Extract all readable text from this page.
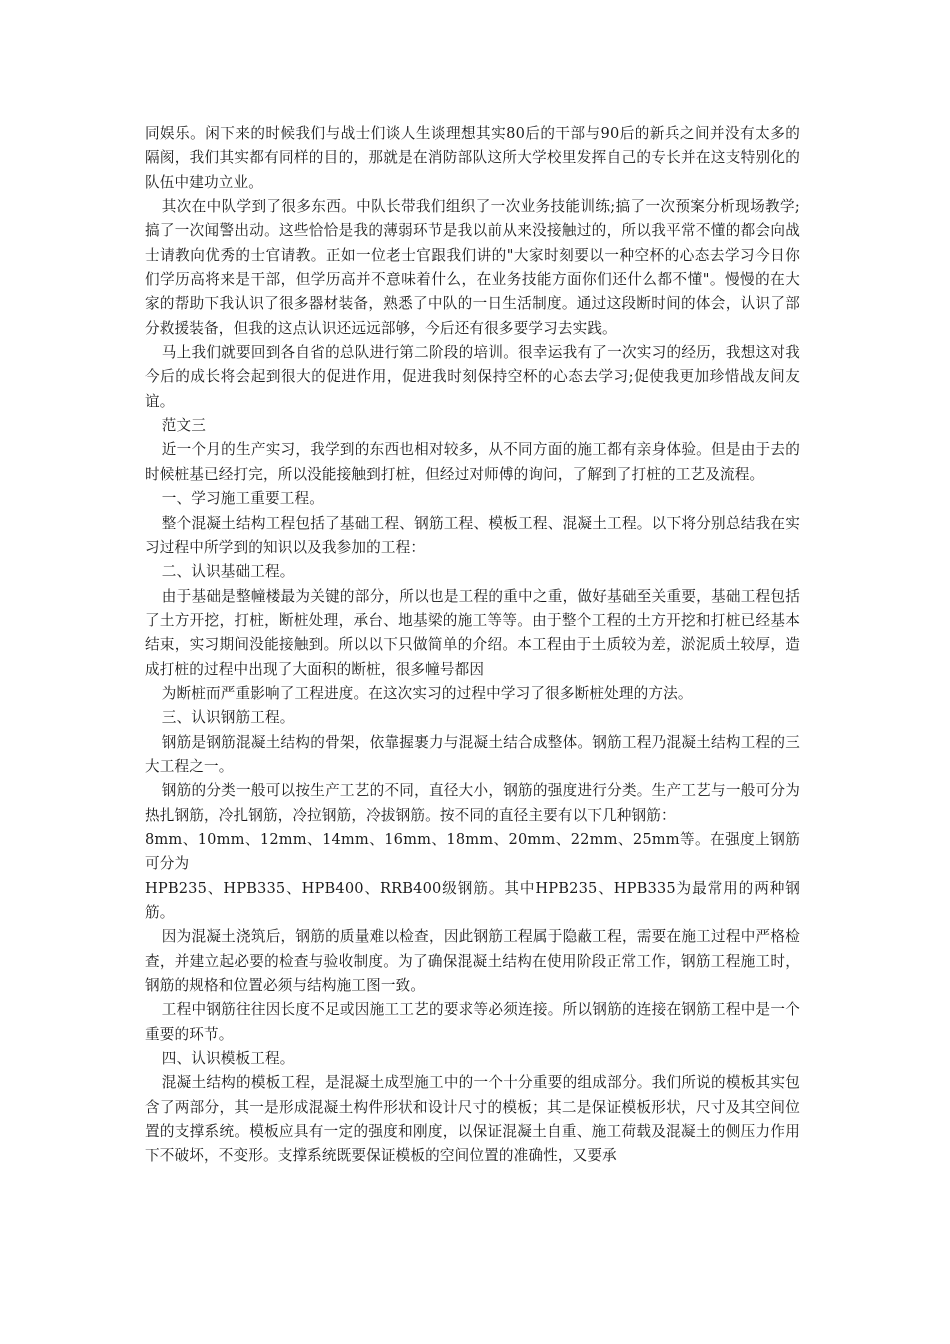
同娱乐。闲下来的时候我们与战士们谈人生谈理想其实80后的干部与90后的新兵之间并没有太多的隔阂，我们其实都有同样的目的，那就是在消防部队这所大学校里发挥自己的专长并在这支特别化的队伍中建功立业。

其次在中队学到了很多东西。中队长带我们组织了一次业务技能训练;搞了一次预案分析现场教学;搞了一次闻警出动。这些恰恰是我的薄弱环节是我以前从来没接触过的，所以我平常不懂的都会向战士请教向优秀的士官请教。正如一位老士官跟我们讲的"大家时刻要以一种空杯的心态去学习今日你们学历高将来是干部，但学历高并不意味着什么，在业务技能方面你们还什么都不懂"。慢慢的在大家的帮助下我认识了很多器材装备，熟悉了中队的一日生活制度。通过这段断时间的体会，认识了部分救援装备，但我的这点认识还远远部够，今后还有很多要学习去实践。

马上我们就要回到各自省的总队进行第二阶段的培训。很幸运我有了一次实习的经历，我想这对我今后的成长将会起到很大的促进作用，促进我时刻保持空杯的心态去学习;促使我更加珍惜战友间友谊。

范文三

近一个月的生产实习，我学到的东西也相对较多，从不同方面的施工都有亲身体验。但是由于去的时候桩基已经打完，所以没能接触到打桩，但经过对师傅的询问，了解到了打桩的工艺及流程。

一、学习施工重要工程。

整个混凝土结构工程包括了基础工程、钢筋工程、模板工程、混凝土工程。以下将分别总结我在实习过程中所学到的知识以及我参加的工程：

二、认识基础工程。

由于基础是整幢楼最为关键的部分，所以也是工程的重中之重，做好基础至关重要，基础工程包括了土方开挖，打桩，断桩处理，承台、地基梁的施工等等。由于整个工程的土方开挖和打桩已经基本结束，实习期间没能接触到。所以以下只做简单的介绍。本工程由于土质较为差，淤泥质土较厚，造成打桩的过程中出现了大面积的断桩，很多幢号都因

为断桩而严重影响了工程进度。在这次实习的过程中学习了很多断桩处理的方法。

三、认识钢筋工程。

钢筋是钢筋混凝土结构的骨架，依靠握裹力与混凝土结合成整体。钢筋工程乃混凝土结构工程的三大工程之一。

钢筋的分类一般可以按生产工艺的不同，直径大小，钢筋的强度进行分类。生产工艺与一般可分为热扎钢筋，冷扎钢筋，冷拉钢筋，冷拔钢筋。按不同的直径主要有以下几种钢筋：

8mm、10mm、12mm、14mm、16mm、18mm、20mm、22mm、25mm等。在强度上钢筋可分为

HPB235、HPB335、HPB400、RRB400级钢筋。其中HPB235、HPB335为最常用的两种钢筋。

因为混凝土浇筑后，钢筋的质量难以检查，因此钢筋工程属于隐蔽工程，需要在施工过程中严格检查，并建立起必要的检查与验收制度。为了确保混凝土结构在使用阶段正常工作，钢筋工程施工时，钢筋的规格和位置必须与结构施工图一致。

工程中钢筋往往因长度不足或因施工工艺的要求等必须连接。所以钢筋的连接在钢筋工程中是一个重要的环节。

四、认识模板工程。

混凝土结构的模板工程，是混凝土成型施工中的一个十分重要的组成部分。我们所说的模板其实包含了两部分，其一是形成混凝土构件形状和设计尺寸的模板；其二是保证模板形状，尺寸及其空间位置的支撑系统。模板应具有一定的强度和刚度，以保证混凝土自重、施工荷载及混凝土的侧压力作用下不破坏，不变形。支撑系统既要保证模板的空间位置的准确性，又要承
